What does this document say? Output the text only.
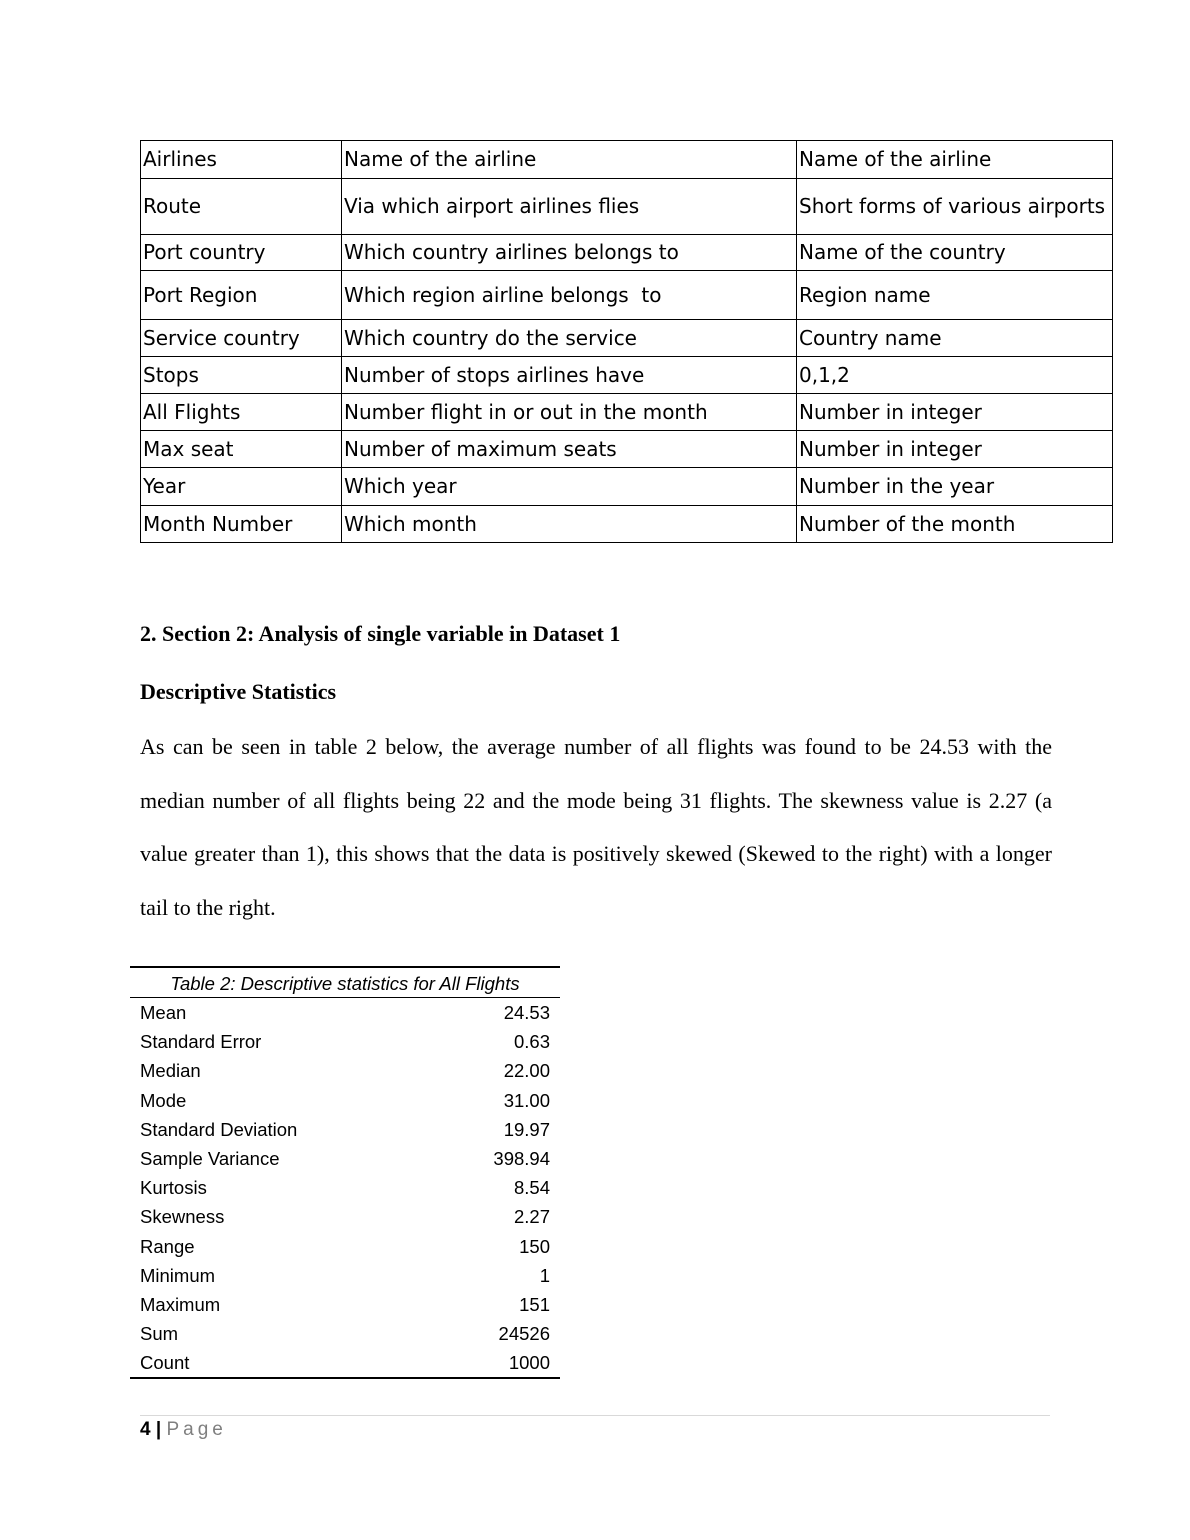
Airlines	Name of the airline	Name of the airline
Route	Via which airport airlines flies	Short forms of various airports
Port country	Which country airlines belongs to	Name of the country
Port Region	Which region airline belongs  to	Region name
Service country	Which country do the service	Country name
Stops	Number of stops airlines have	0,1,2
All Flights	Number flight in or out in the month	Number in integer
Max seat	Number of maximum seats	Number in integer
Year	Which year	Number in the year
Month Number	Which month	Number of the month
2. Section 2: Analysis of single variable in Dataset 1
Descriptive Statistics

As can be seen in table 2 below, the average number of all flights was found to be 24.53 with the median number of all flights being 22 and the mode being 31 flights. The skewness value is 2.27 (a value greater than 1), this shows that the data is positively skewed (Skewed to the right) with a longer tail to the right.

Table 2: Descriptive statistics for All Flights
Mean	24.53
Standard Error	0.63
Median	22.00
Mode	31.00
Standard Deviation	19.97
Sample Variance	398.94
Kurtosis	8.54
Skewness	2.27
Range	150
Minimum	1
Maximum	151
Sum	24526
Count	1000
4 | Page
